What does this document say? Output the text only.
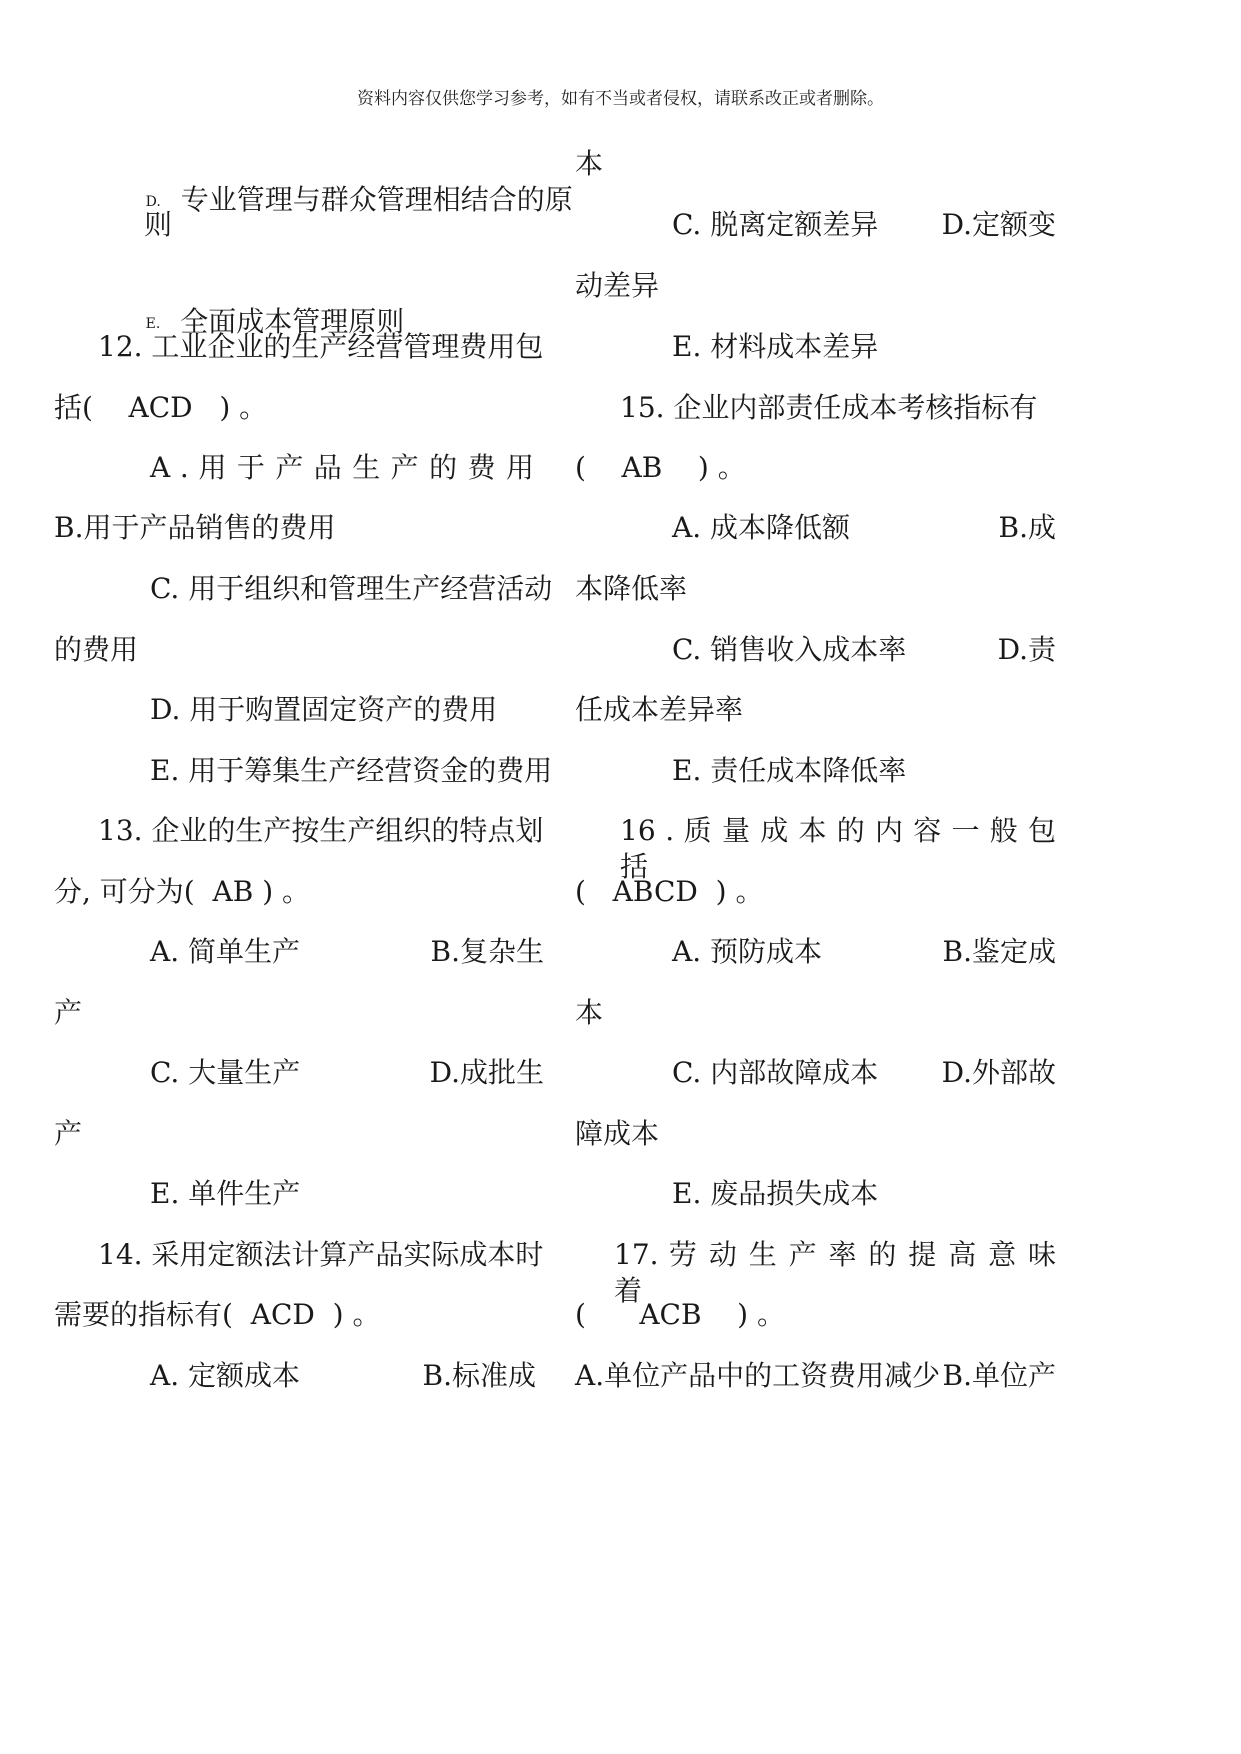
资料内容仅供您学习参考，如有不当或者侵权，请联系改正或者删除。

D. 专业管理与群众管理相结合的原

则

E. 全面成本管理原则

12. 工业企业的生产经营管理费用包
括(    ACD   ) 。
A . 用 于 产 品 生 产 的 费 用
B.用于产品销售的费用
C. 用于组织和管理生产经营活动
的费用
D. 用于购置固定资产的费用
E. 用于筹集生产经营资金的费用
13. 企业的生产按生产组织的特点划
分, 可分为(  AB ) 。
A. 简单生产	B.复杂生
产
C. 大量生产	D.成批生
产
E. 单件生产
14. 采用定额法计算产品实际成本时
需要的指标有(  ACD  ) 。
A. 定额成本	B.标准成
本
C. 脱离定额差异 D.定额变
动差异
E. 材料成本差异
15. 企业内部责任成本考核指标有
(    AB    ) 。
A. 成本降低额	B.成
本降低率
C. 销售收入成本率	D.责
任成本差异率
E. 责任成本降低率
16 . 质 量 成 本 的 内 容 一 般 包 括
(   ABCD  ) 。
A. 预防成本	B.鉴定成
本
C. 内部故障成本 D.外部故
障成本
E. 废品损失成本
17. 劳 动 生 产 率 的 提 高 意 味 着
(      ACB    ) 。
A.单位产品中的工资费用减少 B.单位产
